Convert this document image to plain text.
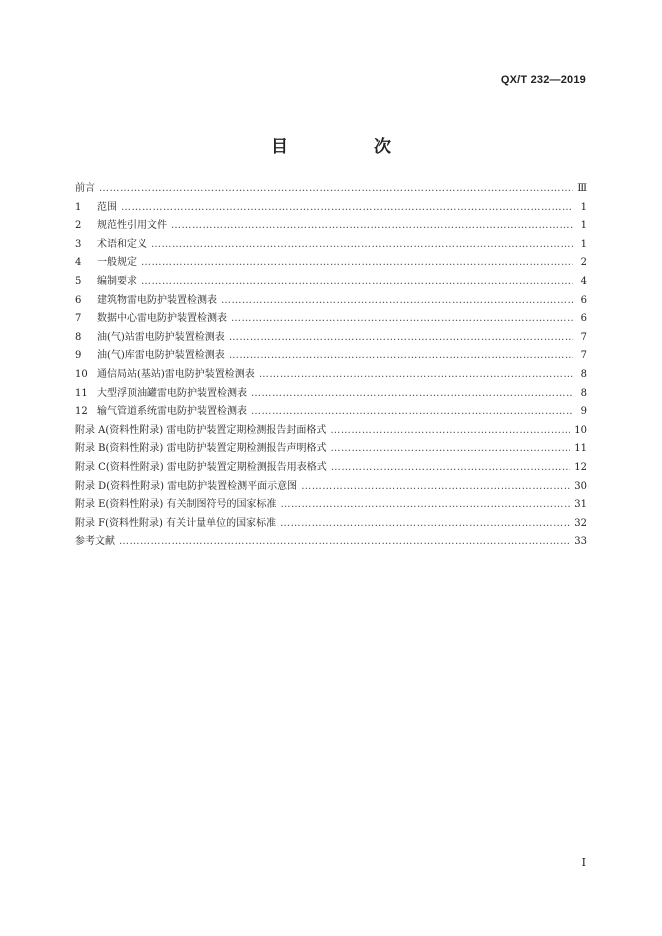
QX/T 232—2019
目 次
前言 …………………………………………………………………………………………………………………………………………………………………………………………………………………	Ⅲ
1	范围 …………………………………………………………………………………………………………………………………………………………………………………………………………………	1
2	规范性引用文件 …………………………………………………………………………………………………………………………………………………………………………………………………………………	1
3	术语和定义 …………………………………………………………………………………………………………………………………………………………………………………………………………………	1
4	一般规定 …………………………………………………………………………………………………………………………………………………………………………………………………………………	2
5	编制要求 …………………………………………………………………………………………………………………………………………………………………………………………………………………	4
6	建筑物雷电防护装置检测表 …………………………………………………………………………………………………………………………………………………………………………………………………………………	6
7	数据中心雷电防护装置检测表 …………………………………………………………………………………………………………………………………………………………………………………………………………………	6
8	油(气)站雷电防护装置检测表 …………………………………………………………………………………………………………………………………………………………………………………………………………………	7
9	油(气)库雷电防护装置检测表 …………………………………………………………………………………………………………………………………………………………………………………………………………………	7
10 通信局站(基站)雷电防护装置检测表 …………………………………………………………………………………………………………………………………………………………………………………………………………………	8
11 大型浮顶油罐雷电防护装置检测表 …………………………………………………………………………………………………………………………………………………………………………………………………………………	8
12 输气管道系统雷电防护装置检测表 …………………………………………………………………………………………………………………………………………………………………………………………………………………	9
附录 A(资料性附录) 雷电防护装置定期检测报告封面格式 …………………………………………………………………………………………………………………………………………………………………………………………………………………	10
附录 B(资料性附录) 雷电防护装置定期检测报告声明格式 …………………………………………………………………………………………………………………………………………………………………………………………………………………	11
附录 C(资料性附录) 雷电防护装置定期检测报告用表格式 …………………………………………………………………………………………………………………………………………………………………………………………………………………	12
附录 D(资料性附录) 雷电防护装置检测平面示意图 …………………………………………………………………………………………………………………………………………………………………………………………………………………	30
附录 E(资料性附录) 有关制图符号的国家标准 …………………………………………………………………………………………………………………………………………………………………………………………………………………	31
附录 F(资料性附录) 有关计量单位的国家标准 …………………………………………………………………………………………………………………………………………………………………………………………………………………	32
参考文献 …………………………………………………………………………………………………………………………………………………………………………………………………………………	33
I
